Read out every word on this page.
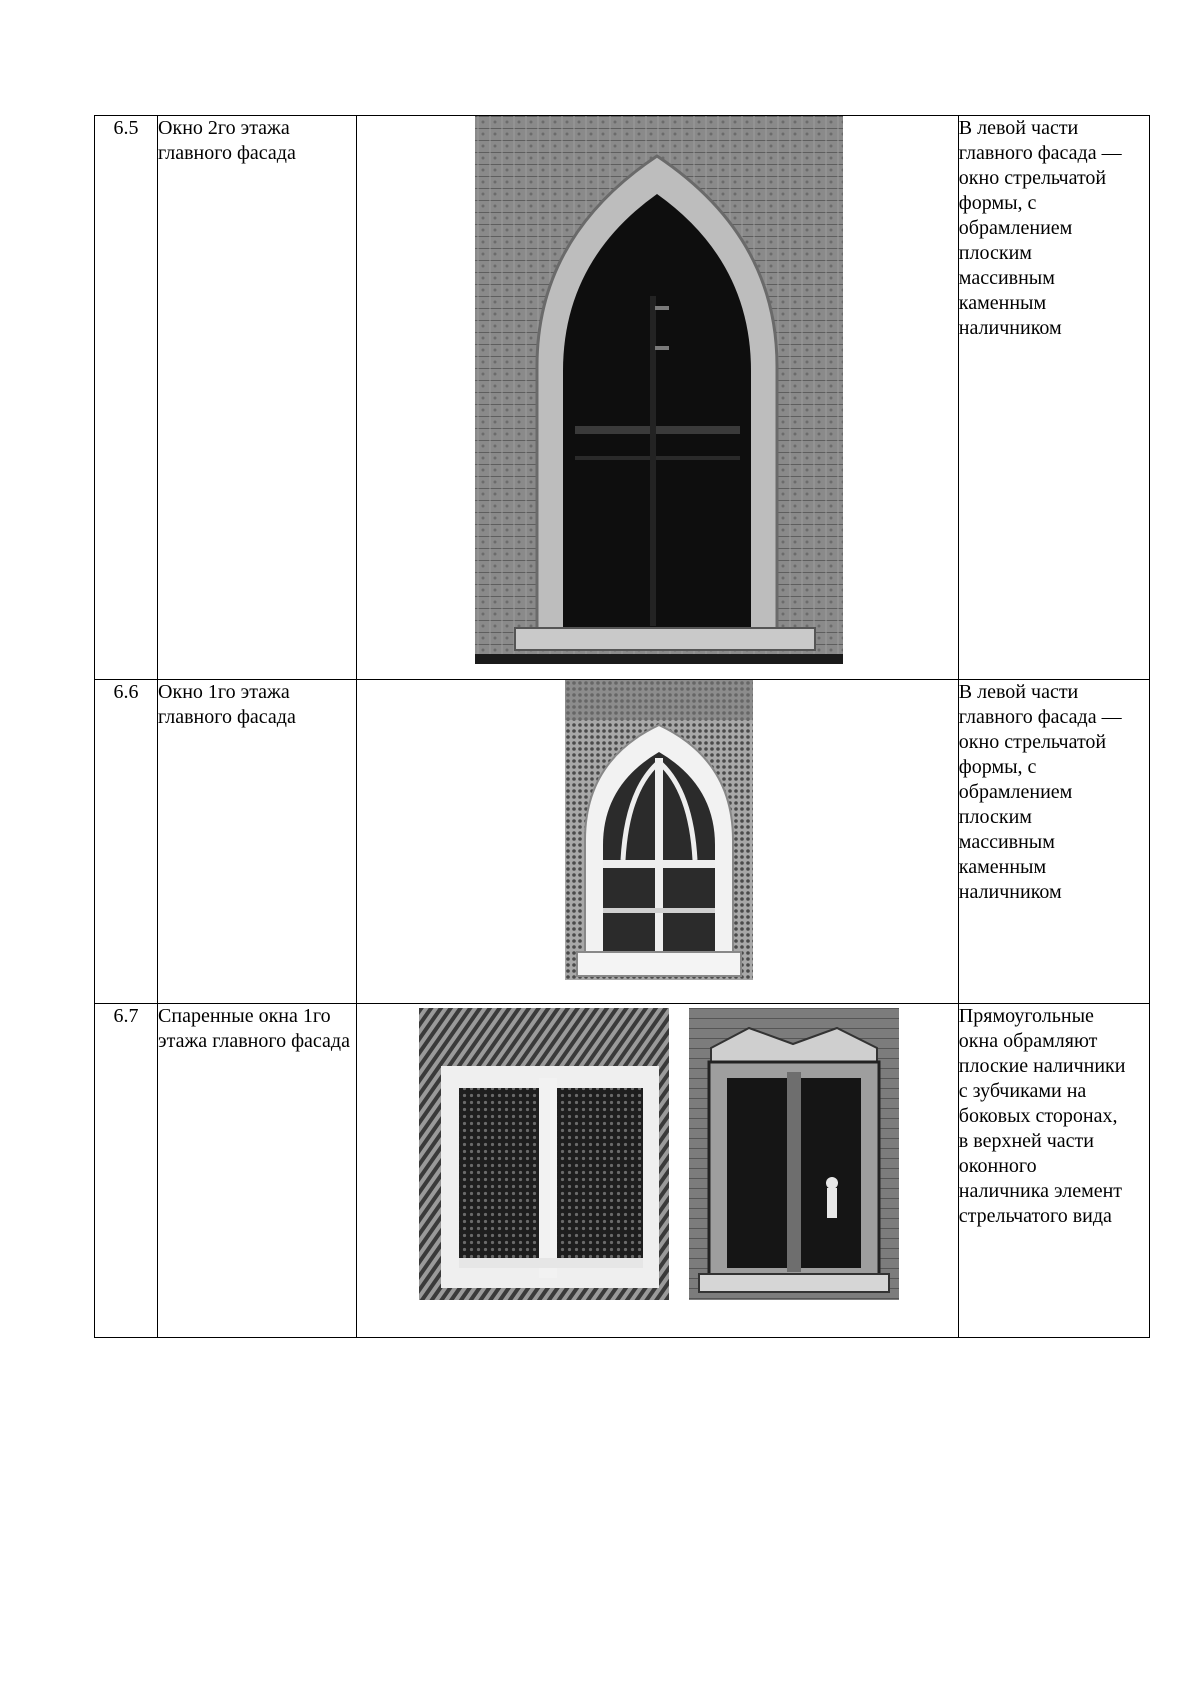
6.5	Окно 2го этажа главного фасада		В левой части главного фасада — окно стрельчатой формы, с обрамлением плоским массивным каменным наличником

6.6	Окно 1го этажа главного фасада		В левой части главного фасада — окно стрельчатой формы, с обрамлением плоским массивным каменным наличником

6.7	Спаренные окна 1го этажа главного фасада		Прямоугольные окна обрамляют плоские наличники с зубчиками на боковых сторонах, в верхней части оконного наличника элемент стрельчатого вида
